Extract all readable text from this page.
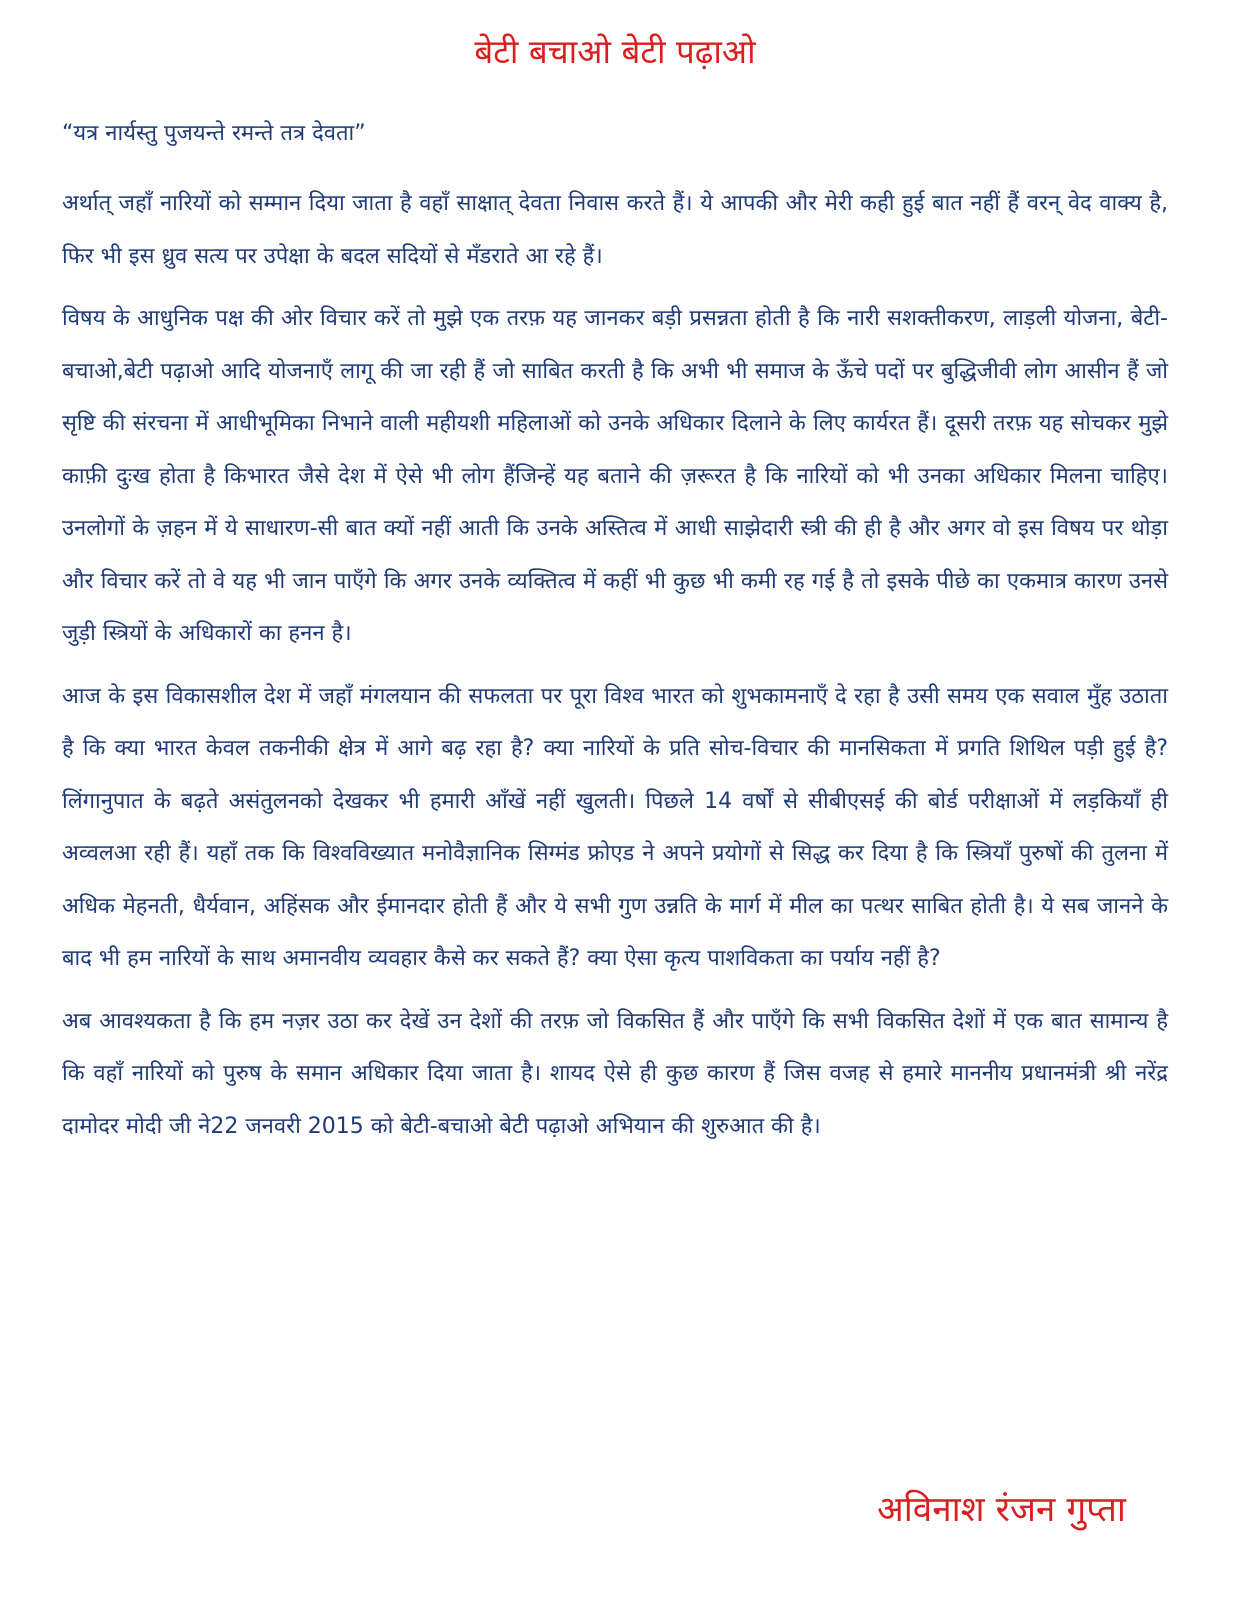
बेटी बचाओ बेटी पढ़ाओ

“यत्र नार्यस्तु पुजयन्ते रमन्ते तत्र देवता”

अर्थात् जहाँ नारियों को सम्मान दिया जाता है वहाँ साक्षात् देवता निवास करते हैं। ये आपकी और मेरी कही हुई बात नहीं हैं वरन् वेद वाक्य है, फिर भी इस ध्रुव सत्य पर उपेक्षा के बदल सदियों से मँडराते आ रहे हैं।

विषय के आधुनिक पक्ष की ओर विचार करें तो मुझे एक तरफ़ यह जानकर बड़ी प्रसन्नता होती है कि नारी सशक्तीकरण, लाड़ली योजना, बेटी-बचाओ,बेटी पढ़ाओ आदि योजनाएँ लागू की जा रही हैं जो साबित करती है कि अभी भी समाज के ऊँचे पदों पर बुद्धिजीवी लोग आसीन हैं जो सृष्टि की संरचना में आधीभूमिका निभाने वाली महीयशी महिलाओं को उनके अधिकार दिलाने के लिए कार्यरत हैं। दूसरी तरफ़ यह सोचकर मुझे काफ़ी दुःख होता है किभारत जैसे देश में ऐसे भी लोग हैंजिन्हें यह बताने की ज़रूरत है कि नारियों को भी उनका अधिकार मिलना चाहिए। उनलोगों के ज़हन में ये साधारण-सी बात क्यों नहीं आती कि उनके अस्तित्व में आधी साझेदारी स्त्री की ही है और अगर वो इस विषय पर थोड़ा और विचार करें तो वे यह भी जान पाएँगे कि अगर उनके व्यक्तित्व में कहीं भी कुछ भी कमी रह गई है तो इसके पीछे का एकमात्र कारण उनसे जुड़ी स्त्रियों के अधिकारों का हनन है।

आज के इस विकासशील देश में जहाँ मंगलयान की सफलता पर पूरा विश्व भारत को शुभकामनाएँ दे रहा है उसी समय एक सवाल मुँह उठाता है कि क्या भारत केवल तकनीकी क्षेत्र में आगे बढ़ रहा है? क्या नारियों के प्रति सोच-विचार की मानसिकता में प्रगति शिथिल पड़ी हुई है? लिंगानुपात के बढ़ते असंतुलनको देखकर भी हमारी आँखें नहीं खुलती। पिछले 14 वर्षों से सीबीएसई की बोर्ड परीक्षाओं में लड़कियाँ ही अव्वलआ रही हैं। यहाँ तक कि विश्वविख्यात मनोवैज्ञानिक सिग्मंड फ्रोएड ने अपने प्रयोगों से सिद्ध कर दिया है कि स्त्रियाँ पुरुषों की तुलना में अधिक मेहनती, धैर्यवान, अहिंसक और ईमानदार होती हैं और ये सभी गुण उन्नति के मार्ग में मील का पत्थर साबित होती है। ये सब जानने के बाद भी हम नारियों के साथ अमानवीय व्यवहार कैसे कर सकते हैं? क्या ऐसा कृत्य पाशविकता का पर्याय नहीं है?

अब आवश्यकता है कि हम नज़र उठा कर देखें उन देशों की तरफ़ जो विकसित हैं और पाएँगे कि सभी विकसित देशों में एक बात सामान्य है कि वहाँ नारियों को पुरुष के समान अधिकार दिया जाता है। शायद ऐसे ही कुछ कारण हैं जिस वजह से हमारे माननीय प्रधानमंत्री श्री नरेंद्र दामोदर मोदी जी ने22 जनवरी 2015 को बेटी-बचाओ बेटी पढ़ाओ अभियान की शुरुआत की है।

अविनाश रंजन गुप्ता
